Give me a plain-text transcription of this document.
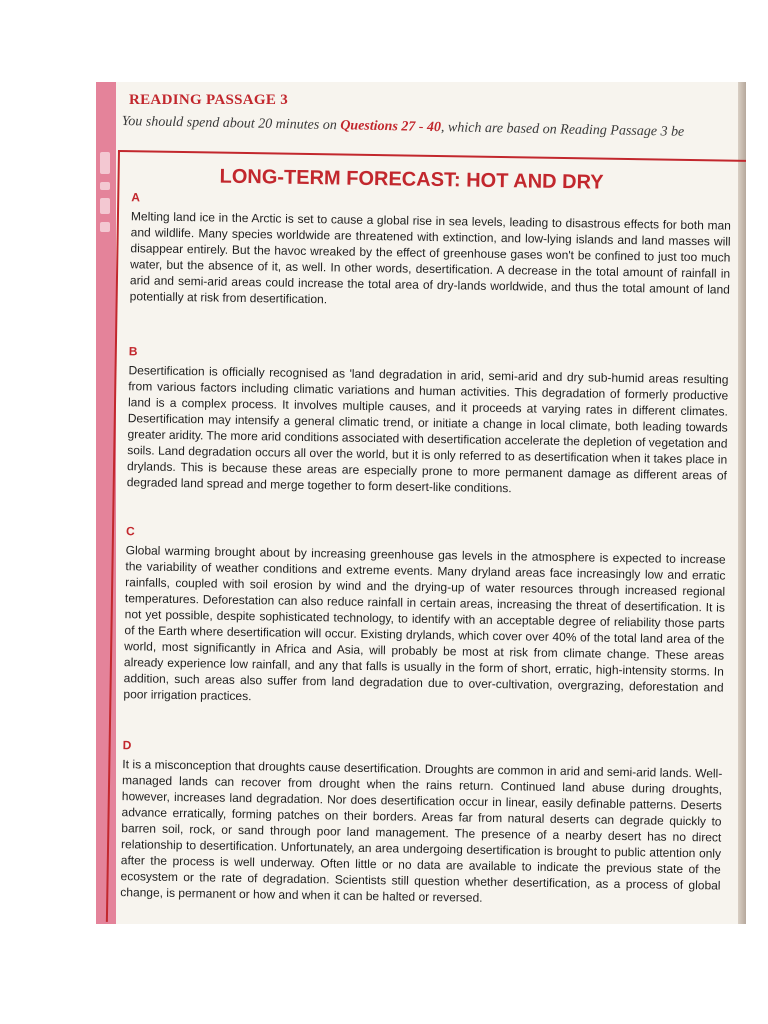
READING PASSAGE 3
You should spend about 20 minutes on Questions 27 - 40, which are based on Reading Passage 3 be
LONG-TERM FORECAST: HOT AND DRY

A

Melting land ice in the Arctic is set to cause a global rise in sea levels, leading to disastrous effects for both man and wildlife. Many species worldwide are threatened with extinction, and low-lying islands and land masses will disappear entirely. But the havoc wreaked by the effect of greenhouse gases won't be confined to just too much water, but the absence of it, as well. In other words, desertification. A decrease in the total amount of rainfall in arid and semi-arid areas could increase the total area of dry-lands worldwide, and thus the total amount of land potentially at risk from desertification.

B

Desertification is officially recognised as 'land degradation in arid, semi-arid and dry sub-humid areas resulting from various factors including climatic variations and human activities. This degradation of formerly productive land is a complex process. It involves multiple causes, and it proceeds at varying rates in different climates. Desertification may intensify a general climatic trend, or initiate a change in local climate, both leading towards greater aridity. The more arid conditions associated with desertification accelerate the depletion of vegetation and soils. Land degradation occurs all over the world, but it is only referred to as desertification when it takes place in drylands. This is because these areas are especially prone to more permanent damage as different areas of degraded land spread and merge together to form desert-like conditions.

C

Global warming brought about by increasing greenhouse gas levels in the atmosphere is expected to increase the variability of weather conditions and extreme events. Many dryland areas face increasingly low and erratic rainfalls, coupled with soil erosion by wind and the drying-up of water resources through increased regional temperatures. Deforestation can also reduce rainfall in certain areas, increasing the threat of desertification. It is not yet possible, despite sophisticated technology, to identify with an acceptable degree of reliability those parts of the Earth where desertification will occur. Existing drylands, which cover over 40% of the total land area of the world, most significantly in Africa and Asia, will probably be most at risk from climate change. These areas already experience low rainfall, and any that falls is usually in the form of short, erratic, high-intensity storms. In addition, such areas also suffer from land degradation due to over-cultivation, overgrazing, deforestation and poor irrigation practices.

D

It is a misconception that droughts cause desertification. Droughts are common in arid and semi-arid lands. Well-managed lands can recover from drought when the rains return. Continued land abuse during droughts, however, increases land degradation. Nor does desertification occur in linear, easily definable patterns. Deserts advance erratically, forming patches on their borders. Areas far from natural deserts can degrade quickly to barren soil, rock, or sand through poor land management. The presence of a nearby desert has no direct relationship to desertification. Unfortunately, an area undergoing desertification is brought to public attention only after the process is well underway. Often little or no data are available to indicate the previous state of the ecosystem or the rate of degradation. Scientists still question whether desertification, as a process of global change, is permanent or how and when it can be halted or reversed.
